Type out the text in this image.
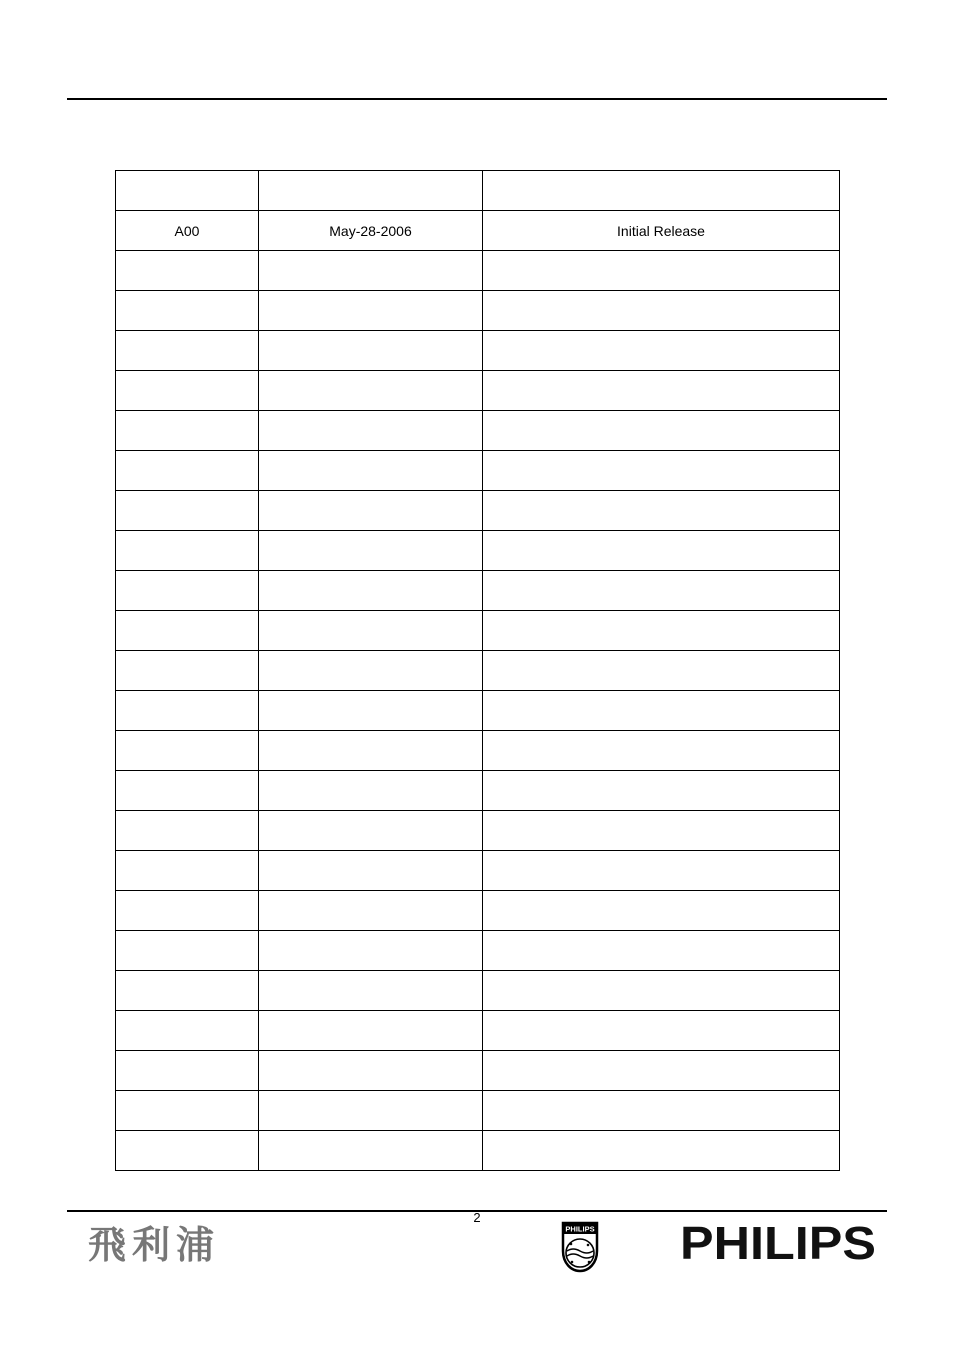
A00	May-28-2006	Initial Release

2
飛利浦	PHILIPS PHILIPS
